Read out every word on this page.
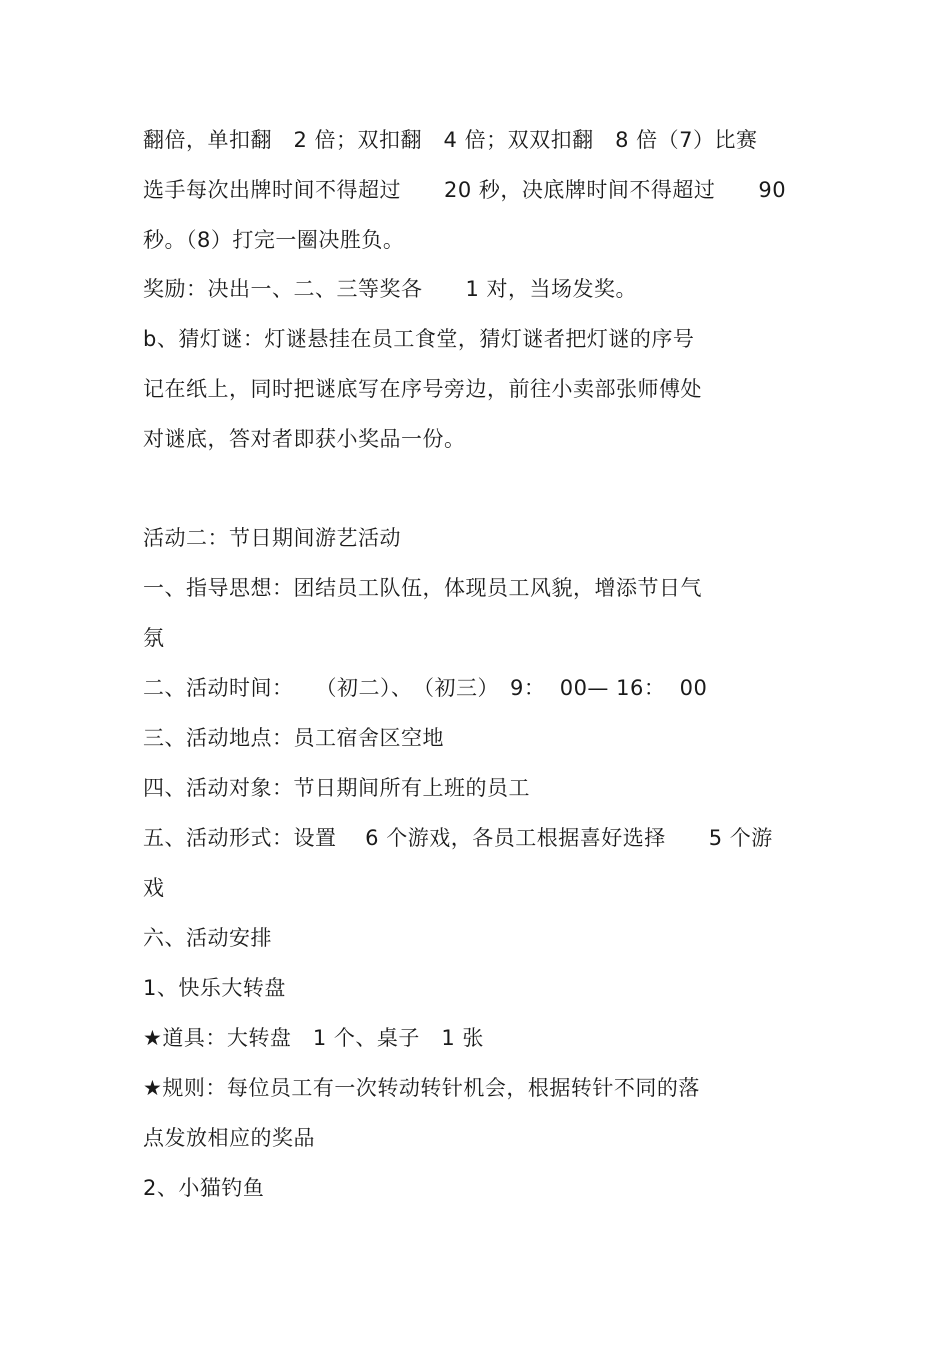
翻倍，单扣翻　2 倍；双扣翻　4 倍；双双扣翻　8 倍（7）比赛
选手每次出牌时间不得超过　　20 秒，决底牌时间不得超过　　90
秒。（8）打完一圈决胜负。
奖励：决出一、二、三等奖各　　1 对，当场发奖。
b、猜灯谜：灯谜悬挂在员工食堂，猜灯谜者把灯谜的序号
记在纸上，同时把谜底写在序号旁边，前往小卖部张师傅处
对谜底，答对者即获小奖品一份。
活动二：节日期间游艺活动
一、指导思想：团结员工队伍，体现员工风貌，增添节日气
氛
二、活动时间：　　（初二）、　（初三）　9：  00— 16：  00
三、活动地点：员工宿舍区空地
四、活动对象：节日期间所有上班的员工
五、活动形式：设置　 6 个游戏，各员工根据喜好选择　　5 个游
戏
六、活动安排
1、快乐大转盘
★道具：大转盘　1 个、桌子　1 张
★规则：每位员工有一次转动转针机会，根据转针不同的落
点发放相应的奖品
2、小猫钓鱼
